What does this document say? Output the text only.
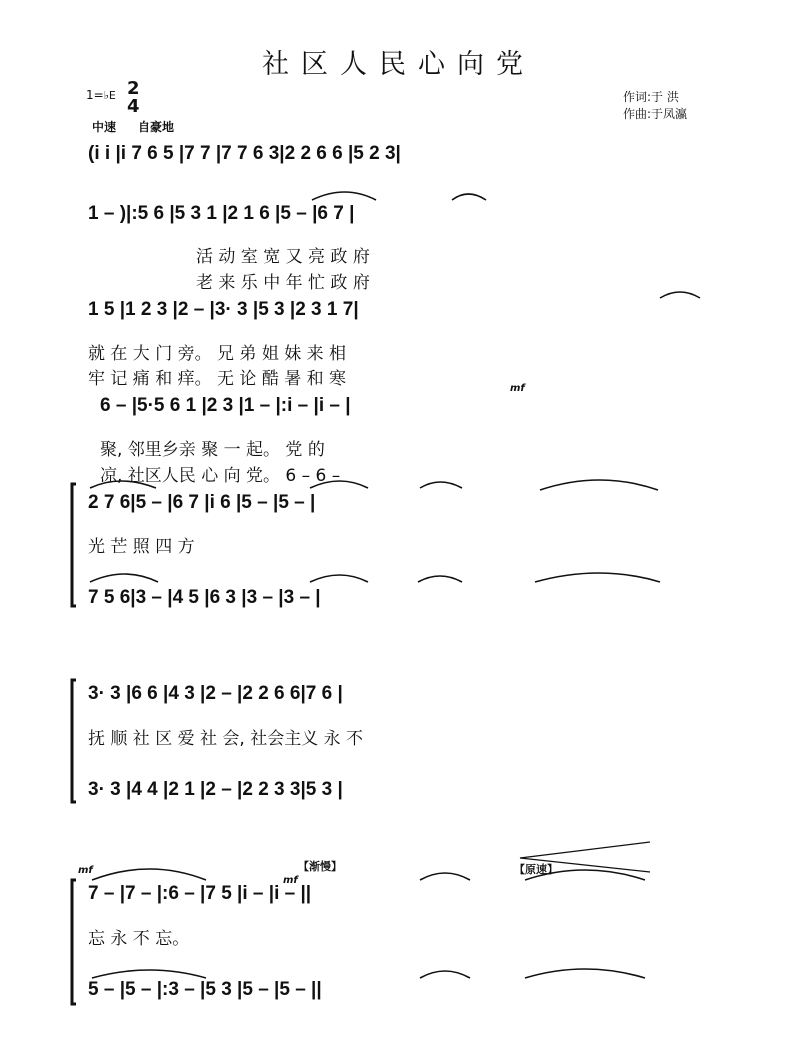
社区人民心向党
1=♭E 2
4
中速 自豪地
作词:于 洪
作曲:于凤瀛
(i i |i 7 6 5 |7 7 |7 7 6 3|2 2 6 6 |5 2 3|
1 – )|:5 6 |5 3 1 |2 1 6 |5 – |6 7 |
活 动 室 宽 又 亮 政 府
老 来 乐 中 年 忙 政 府
1 5 |1 2 3 |2 – |3· 3 |5 3 |2 3 1 7|
就 在 大 门 旁。 兄 弟 姐 妹 来 相
牢 记 痛 和 痒。 无 论 酷 暑 和 寒
6 – |5·5 6 1 |2 3 |1 – |:i – |i – |
聚, 邻里乡亲 聚 一 起。 党 的
凉, 社区人民 心 向 党。 6 – 6 –
2 7 6|5 – |6 7 |i 6 |5 – |5 – |
光 芒 照 四 方
7 5 6|3 – |4 5 |6 3 |3 – |3 – |
3· 3 |6 6 |4 3 |2 – |2 2 6 6|7 6 |
抚 顺 社 区 爱 社 会, 社会主义 永 不
3· 3 |4 4 |2 1 |2 – |2 2 3 3|5 3 |
7 – |7 – |:6 – |7 5 |i – |i – ||
忘 永 不 忘。
5 – |5 – |:3 – |5 3 |5 – |5 – ||
mf
mf
mf
【渐慢】	【原速】
